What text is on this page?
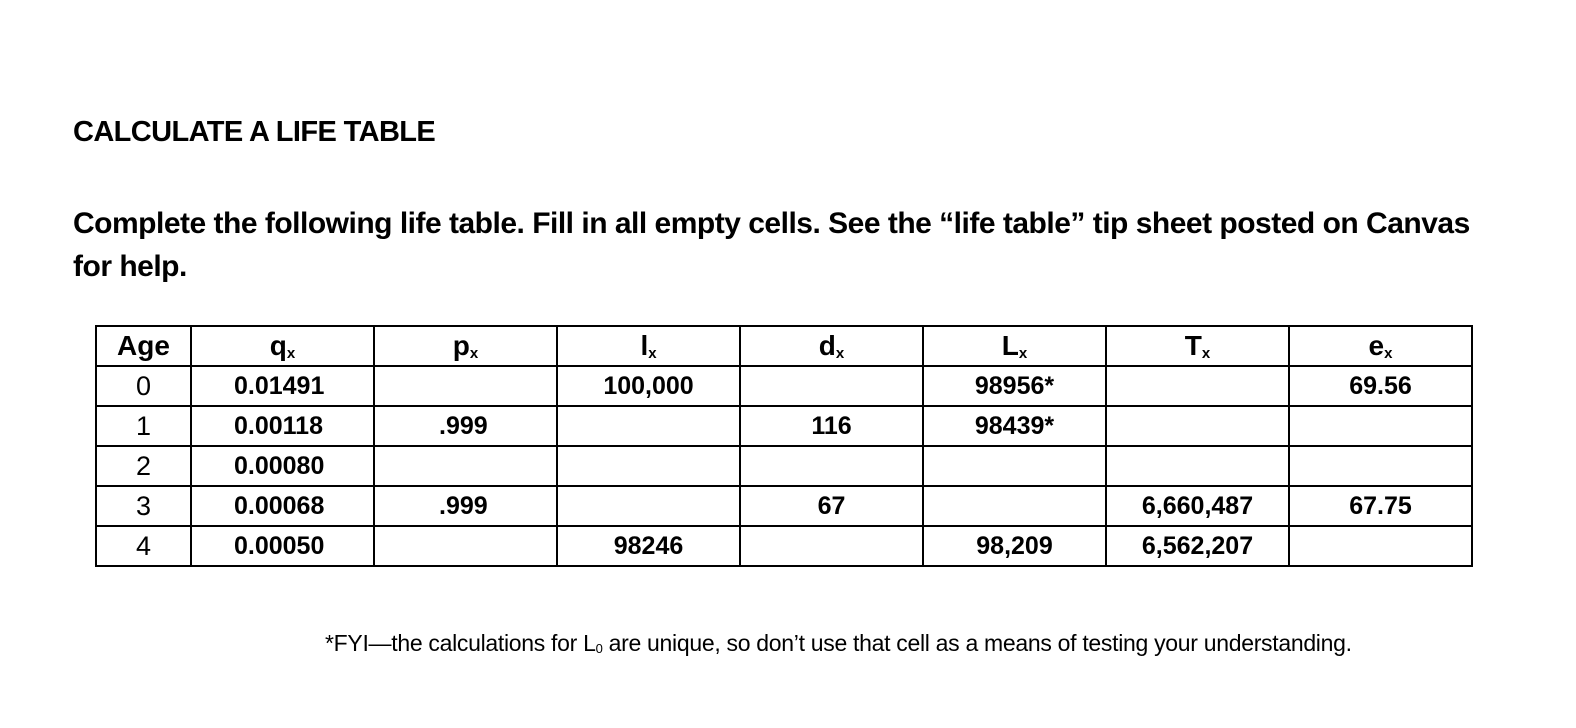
CALCULATE A LIFE TABLE
Complete the following life table. Fill in all empty cells. See the “life table” tip sheet posted on Canvas for help.
Age	$q_x$	$p_x$	$l_x$	$d_x$	$L_x$	$T_x$	$e_x$
0	0.01491		100,000		98956*		69.56
1	0.00118	.999		116	98439*		
2	0.00080						
3	0.00068	.999		67		6,660,487	67.75
4	0.00050		98246		98,209	6,562,207	
*FYI—the calculations for $L_0$ are unique, so don’t use that cell as a means of testing your understanding.
